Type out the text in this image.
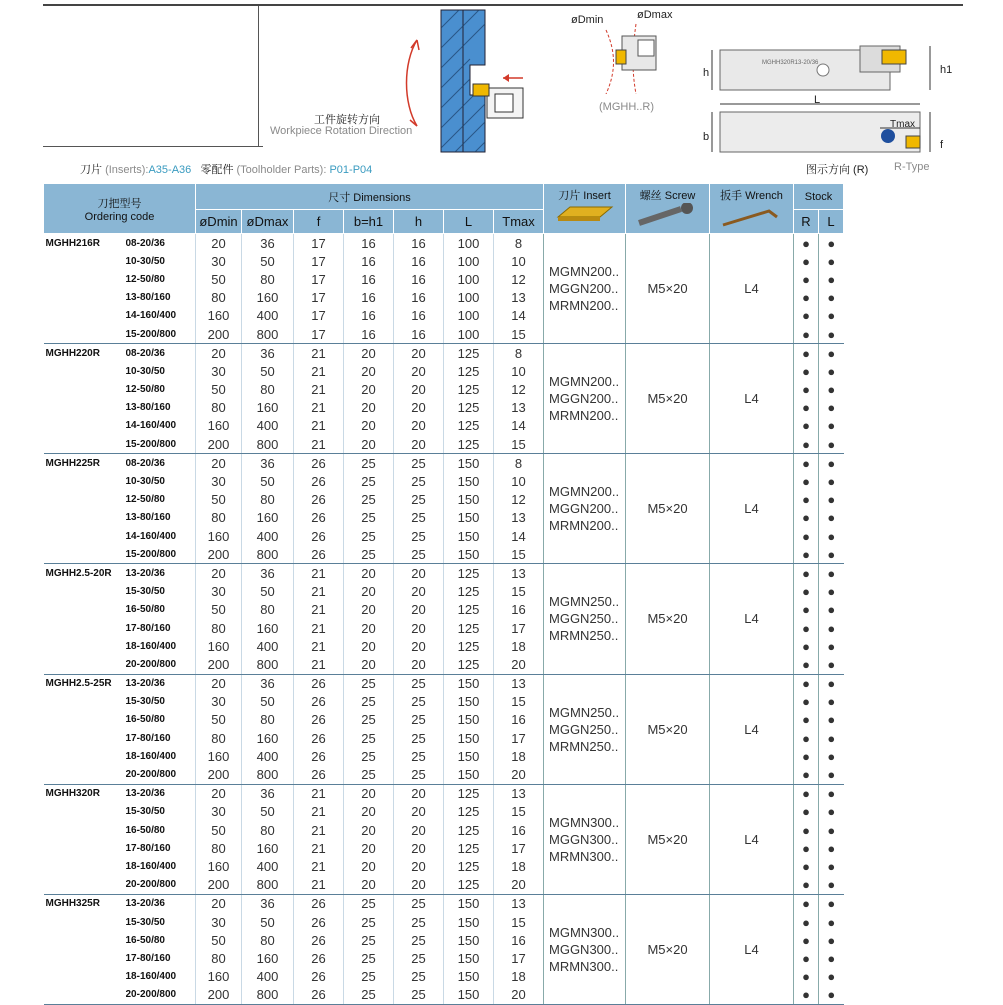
工件旋转方向
Workpiece Rotation Direction
øDmin	øDmax
(MGHH..R)
MGHH320R13-20/36
h	h1
L
b
f
Tmax
图示方向 (R) R-Type
刀片 (Inserts):A35-A36 零配件 (Toolholder Parts): P01-P04
刀把型号
Ordering code		尺寸 Dimensions							刀片 Insert	螺丝 Screw	扳手 Wrench	Stock	
		øDmin	øDmax	f	b=h1	h	L	Tmax				R	L
MGHH216R	08-20/36	20	36	17	16	16	100	8	MGMN200..
MGGN200..
MRMN200..	M5×20	L4	●	●
	10-30/50	30	50	17	16	16	100	10				●	●
	12-50/80	50	80	17	16	16	100	12				●	●
	13-80/160	80	160	17	16	16	100	13				●	●
	14-160/400	160	400	17	16	16	100	14				●	●
	15-200/800	200	800	17	16	16	100	15				●	●
MGHH220R	08-20/36	20	36	21	20	20	125	8	MGMN200..
MGGN200..
MRMN200..	M5×20	L4	●	●
	10-30/50	30	50	21	20	20	125	10				●	●
	12-50/80	50	80	21	20	20	125	12				●	●
	13-80/160	80	160	21	20	20	125	13				●	●
	14-160/400	160	400	21	20	20	125	14				●	●
	15-200/800	200	800	21	20	20	125	15				●	●
MGHH225R	08-20/36	20	36	26	25	25	150	8	MGMN200..
MGGN200..
MRMN200..	M5×20	L4	●	●
	10-30/50	30	50	26	25	25	150	10				●	●
	12-50/80	50	80	26	25	25	150	12				●	●
	13-80/160	80	160	26	25	25	150	13				●	●
	14-160/400	160	400	26	25	25	150	14				●	●
	15-200/800	200	800	26	25	25	150	15				●	●
MGHH2.5-20R	13-20/36	20	36	21	20	20	125	13	MGMN250..
MGGN250..
MRMN250..	M5×20	L4	●	●
	15-30/50	30	50	21	20	20	125	15				●	●
	16-50/80	50	80	21	20	20	125	16				●	●
	17-80/160	80	160	21	20	20	125	17				●	●
	18-160/400	160	400	21	20	20	125	18				●	●
	20-200/800	200	800	21	20	20	125	20				●	●
MGHH2.5-25R	13-20/36	20	36	26	25	25	150	13	MGMN250..
MGGN250..
MRMN250..	M5×20	L4	●	●
	15-30/50	30	50	26	25	25	150	15				●	●
	16-50/80	50	80	26	25	25	150	16				●	●
	17-80/160	80	160	26	25	25	150	17				●	●
	18-160/400	160	400	26	25	25	150	18				●	●
	20-200/800	200	800	26	25	25	150	20				●	●
MGHH320R	13-20/36	20	36	21	20	20	125	13	MGMN300..
MGGN300..
MRMN300..	M5×20	L4	●	●
	15-30/50	30	50	21	20	20	125	15				●	●
	16-50/80	50	80	21	20	20	125	16				●	●
	17-80/160	80	160	21	20	20	125	17				●	●
	18-160/400	160	400	21	20	20	125	18				●	●
	20-200/800	200	800	21	20	20	125	20				●	●
MGHH325R	13-20/36	20	36	26	25	25	150	13	MGMN300..
MGGN300..
MRMN300..	M5×20	L4	●	●
	15-30/50	30	50	26	25	25	150	15				●	●
	16-50/80	50	80	26	25	25	150	16				●	●
	17-80/160	80	160	26	25	25	150	17				●	●
	18-160/400	160	400	26	25	25	150	18				●	●
	20-200/800	200	800	26	25	25	150	20				●	●
